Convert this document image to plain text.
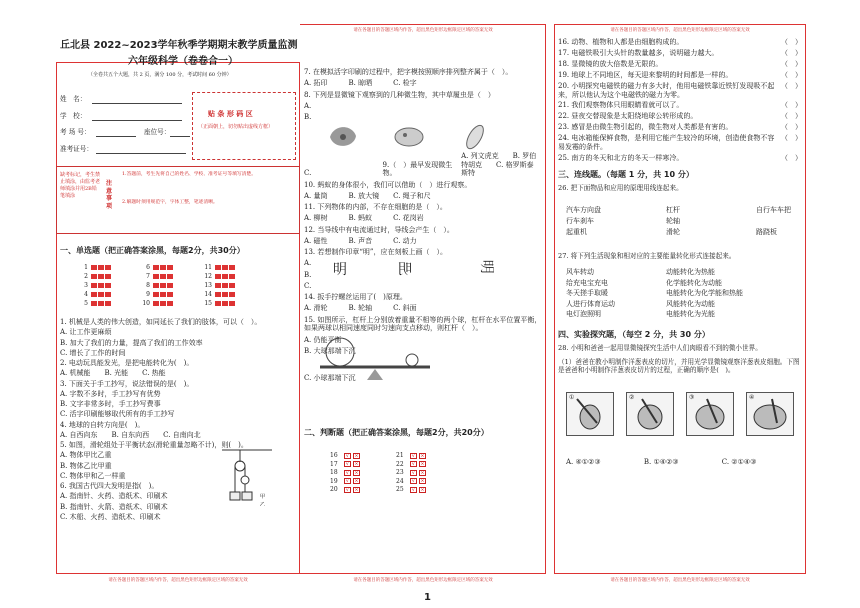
请在各题目的答题区域内作答，超出黑色矩形边框限定区域的答案无效	请在各题目的答题区域内作答，超出黑色矩形边框限定区域的答案无效
请在各题目的答题区域内作答，超出黑色矩形边框限定区域的答案无效	请在各题目的答题区域内作答，超出黑色矩形边框限定区域的答案无效	请在各题目的答题区域内作答，超出黑色矩形边框限定区域的答案无效
丘北县 2022~2023学年秋季学期期末教学质量监测
六年级科学（卷卷合一）
（全卷共五个大题，共 2 页，满分 100 分，考试时间 60 分钟）
姓　名：
学　校：
考 场 号：	座位号：
准考证号：
贴 条 形 码 区
（正面朝上，切勿贴出虚线方框）
缺考标记，考生禁止填涂，由监考老师填涂并用2B铅笔填涂
注意事项
1.答题前，考生先将自己的姓名、学校、准考证号等填写清楚。
2.解题时须用规范字，字体工整，笔迹清晰。
一、单选题（把正确答案涂黑，每题2分，共30分）
1
2
3
4
5
6
7
8
9
10
11
12
13
14
15
1. 机械是人类的伟大创造，如同延长了我们的肢体，可以（　）。
A. 让工作更麻烦
B. 加大了我们的力量，提高了我们的工作效率
C. 增长了工作的时间
2. 电动玩具能发光，是把电能转化为(　)。
A. 机械能　　B. 光能　　C. 热能
3. 下面关于手工抄写，说法错误的是(　)。
A. 字数不多时，手工抄写有优势
B. 文字非常多时，手工抄写费事
C. 活字印刷能够取代所有的手工抄写
4. 地球的自转方向是(　)。
A. 自西向东　　B. 自东向西　　C. 自南向北
5. 如图，滑轮组处于平衡状态(滑轮重量忽略不计)，则(　)。
A. 物体甲比乙重
B. 物体乙比甲重
C. 物体甲和乙一样重
6. 我国古代四大发明是指(　)。
A. 指南针、火药、造纸术、印刷术
B. 指南针、火箭、造纸术、印刷术
C. 木船、火药、造纸术、印刷术
甲
乙
7. 在模拟活字印刷的过程中，把字模按照顺序排列整齐属于（　）。
A. 拓印　　　B. 晾晒　　　C. 检字
8. 下列是显微镜下观察到的几种微生物，其中草履虫是（　）
A.
B.
C.9.（　）最早发现微生物。A. 列文虎克　　B. 罗伯特胡克　　C. 格罗斯泰斯特
10. 蚂蚁的身体很小，我们可以借助（　）进行观察。
A. 量筒　　　B. 放大镜　　C. 绳子和尺
11. 下列物体的内部，不存在细胞的是（　）。
A. 柳树　　　B. 蚂蚁　　　C. 花岗岩
12. 当导线中有电流通过时，导线会产生（　）。
A. 磁性　　　B. 声音　　　C. 动力
13. 若想制作印章“明”，应在刻板上画（　）。
A.
B.
C.
14. 扳手拧螺丝运用了(　)原理。
A. 滑轮　　　B. 轮轴　　　C. 斜面
15. 如图所示，杠杆上分别放着重量不相等的两个球，杠杆在水平位置平衡，如果两球以相同速度同时匀速向支点移动，则杠杆（　）。
A. 仍能平衡
B. 大球那端下沉
C. 小球那端下沉
明	明	明
二、判断题（把正确答案涂黑，每题2分，共20分）
16 √ ×
17 √ ×
18 √ ×
19 √ ×
20 √ ×
21 √ ×
22 √ ×
23 √ ×
24 √ ×
25 √ ×
16. 动物、植物和人都是由细胞构成的。	（　）
17. 电磁铁吸引大头针的数量越多，说明磁力越大。	（　）
18. 显微镜的放大倍数是无限的。	（　）
19. 地球上不同地区，每天迎来黎明的时间都是一样的。	（　）
20. 小明探究电磁铁的磁力有多大时，他用电磁铁靠近铁钉发现吸不起来，所以他认为这个电磁铁的磁力为零。
（　）
21. 我们观察物体只用眼睛看就可以了。	（　）
22. 昼夜交替现象是太阳绕地球公转形成的。	（　）
23. 感冒是由微生物引起的，微生物对人类都是有害的。	（　）
24. 电冰箱能保鲜食物，是利用它能产生较冷的环境，创造使食物不容易发霉的条件。
（　）
25. 南方的冬天和北方的冬天一样寒冷。	（　）
三、连线题。（每题 1 分，共 10 分）
26. 把下面物品和应用的原理用线连起来。
汽车方向盘	杠杆	自行车车把
行车刹车	轮轴
起重机	滑轮	路跷板
27. 将下列生活现象和相对应的主要能量转化形式连接起来。
风车转动	动能转化为热能
给充电宝充电	化学能转化为动能
冬天搓手取暖	电能转化为化学能和热能
人进行体育运动	风能转化为动能
电灯泡照明	电能转化为光能
四、实验探究题，（每空 2 分，共 30 分）
28. 小明和爸爸一起用显微镜探究生活中人们肉眼看不到的微小世界。
（1）爸爸在教小明制作洋葱表皮的切片，并用光学显微镜观察洋葱表皮细胞。下图是爸爸和小明制作洋葱表皮切片的过程，正确的顺序是(　)。
①	②	③	④
A. ④①②③	B. ①④②③	C. ②①④③
1
